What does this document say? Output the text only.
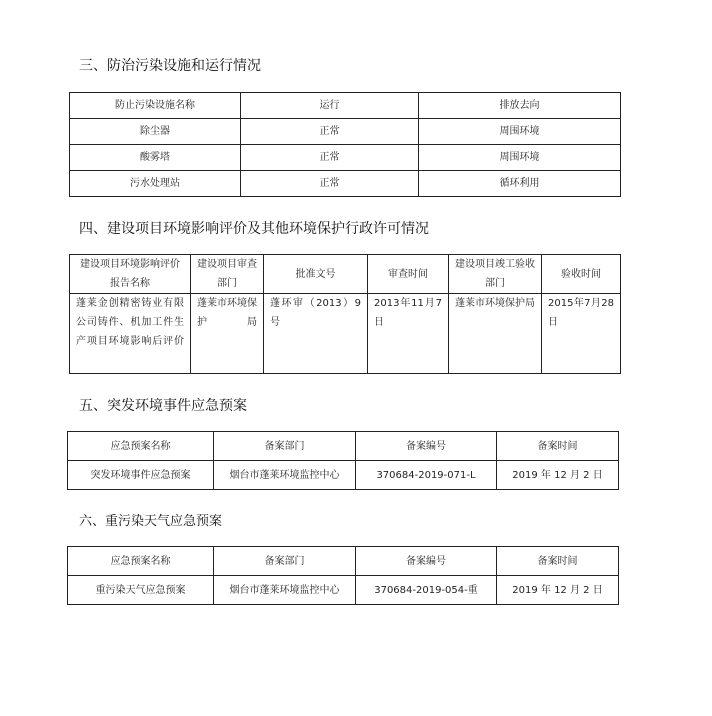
三、防治污染设施和运行情况
防止污染设施名称	运行	排放去向
除尘器	正常	周围环境
酸雾塔	正常	周围环境
污水处理站	正常	循环利用
四、建设项目环境影响评价及其他环境保护行政许可情况
建设项目环境影响评价报告名称	建设项目审查部门	批准文号	审查时间	建设项目竣工验收部门	验收时间
蓬莱金创精密铸业有限公司铸件、机加工件生产项目环境影响后评价	蓬莱市环境保护局	蓬环审（2013）9号	2013年11月7日	蓬莱市环境保护局	2015年7月28日
五、突发环境事件应急预案
应急预案名称	备案部门	备案编号	备案时间
突发环境事件应急预案	烟台市蓬莱环境监控中心	370684-2019-071-L	2019 年 12 月 2 日
六、重污染天气应急预案
应急预案名称	备案部门	备案编号	备案时间
重污染天气应急预案	烟台市蓬莱环境监控中心	370684-2019-054-重	2019 年 12 月 2 日
